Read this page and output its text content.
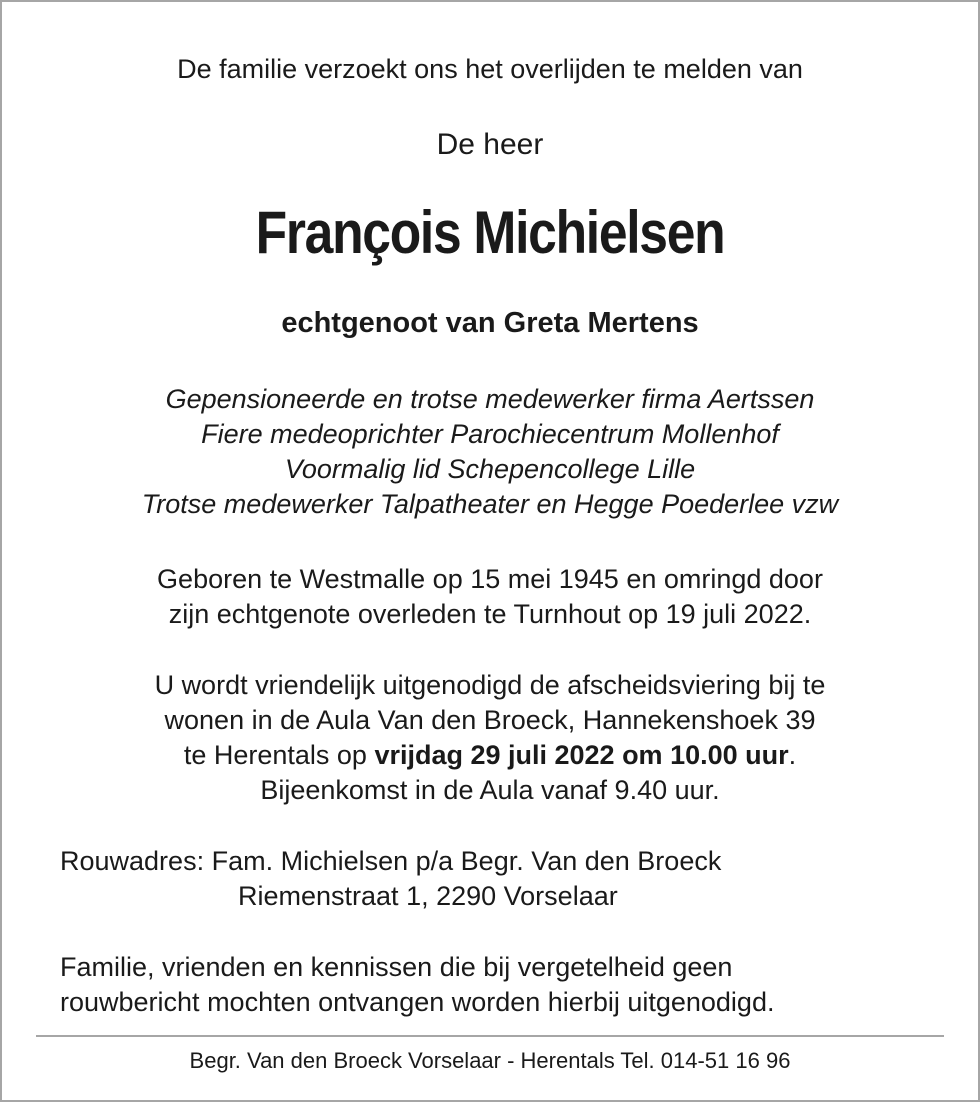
De familie verzoekt ons het overlijden te melden van
De heer
François Michielsen
echtgenoot van Greta Mertens
Gepensioneerde en trotse medewerker firma Aertssen
Fiere medeoprichter Parochiecentrum Mollenhof
Voormalig lid Schepencollege Lille
Trotse medewerker Talpatheater en Hegge Poederlee vzw
Geboren te Westmalle op 15 mei 1945 en omringd door
zijn echtgenote overleden te Turnhout op 19 juli 2022.
U wordt vriendelijk uitgenodigd de afscheidsviering bij te
wonen in de Aula Van den Broeck, Hannekenshoek 39
te Herentals op vrijdag 29 juli 2022 om 10.00 uur.
Bijeenkomst in de Aula vanaf 9.40 uur.
Rouwadres: Fam. Michielsen p/a Begr. Van den Broeck
Riemenstraat 1, 2290 Vorselaar
Familie, vrienden en kennissen die bij vergetelheid geen
rouwbericht mochten ontvangen worden hierbij uitgenodigd.
Begr. Van den Broeck Vorselaar - Herentals Tel. 014-51 16 96
